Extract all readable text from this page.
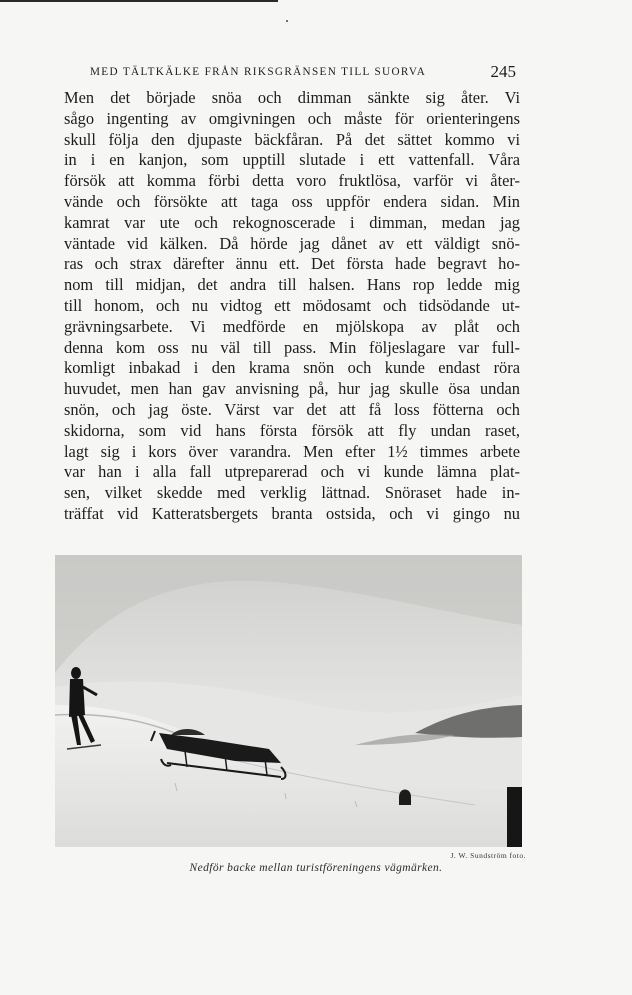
MED TÄLTKÄLKE FRÅN RIKSGRÄNSEN TILL SUORVA	245
Men det började snöa och dimman sänkte sig åter. Vi
sågo ingenting av omgivningen och måste för orienteringens
skull följa den djupaste bäckfåran. På det sättet kommo vi
in i en kanjon, som upptill slutade i ett vattenfall. Våra
försök att komma förbi detta voro fruktlösa, varför vi åter-
vände och försökte att taga oss uppför endera sidan. Min
kamrat var ute och rekognoscerade i dimman, medan jag
väntade vid kälken. Då hörde jag dånet av ett väldigt snö-
ras och strax därefter ännu ett. Det första hade begravt ho-
nom till midjan, det andra till halsen. Hans rop ledde mig
till honom, och nu vidtog ett mödosamt och tidsödande ut-
grävningsarbete. Vi medförde en mjölskopa av plåt och
denna kom oss nu väl till pass. Min följeslagare var full-
komligt inbakad i den krama snön och kunde endast röra
huvudet, men han gav anvisning på, hur jag skulle ösa undan
snön, och jag öste. Värst var det att få loss fötterna och
skidorna, som vid hans första försök att fly undan raset,
lagt sig i kors över varandra. Men efter 1½ timmes arbete
var han i alla fall utpreparerad och vi kunde lämna plat-
sen, vilket skedde med verklig lättnad. Snöraset hade in-
träffat vid Katteratsbergets branta ostsida, och vi gingo nu
J. W. Sundström foto.
Nedför backe mellan turistföreningens vägmärken.
